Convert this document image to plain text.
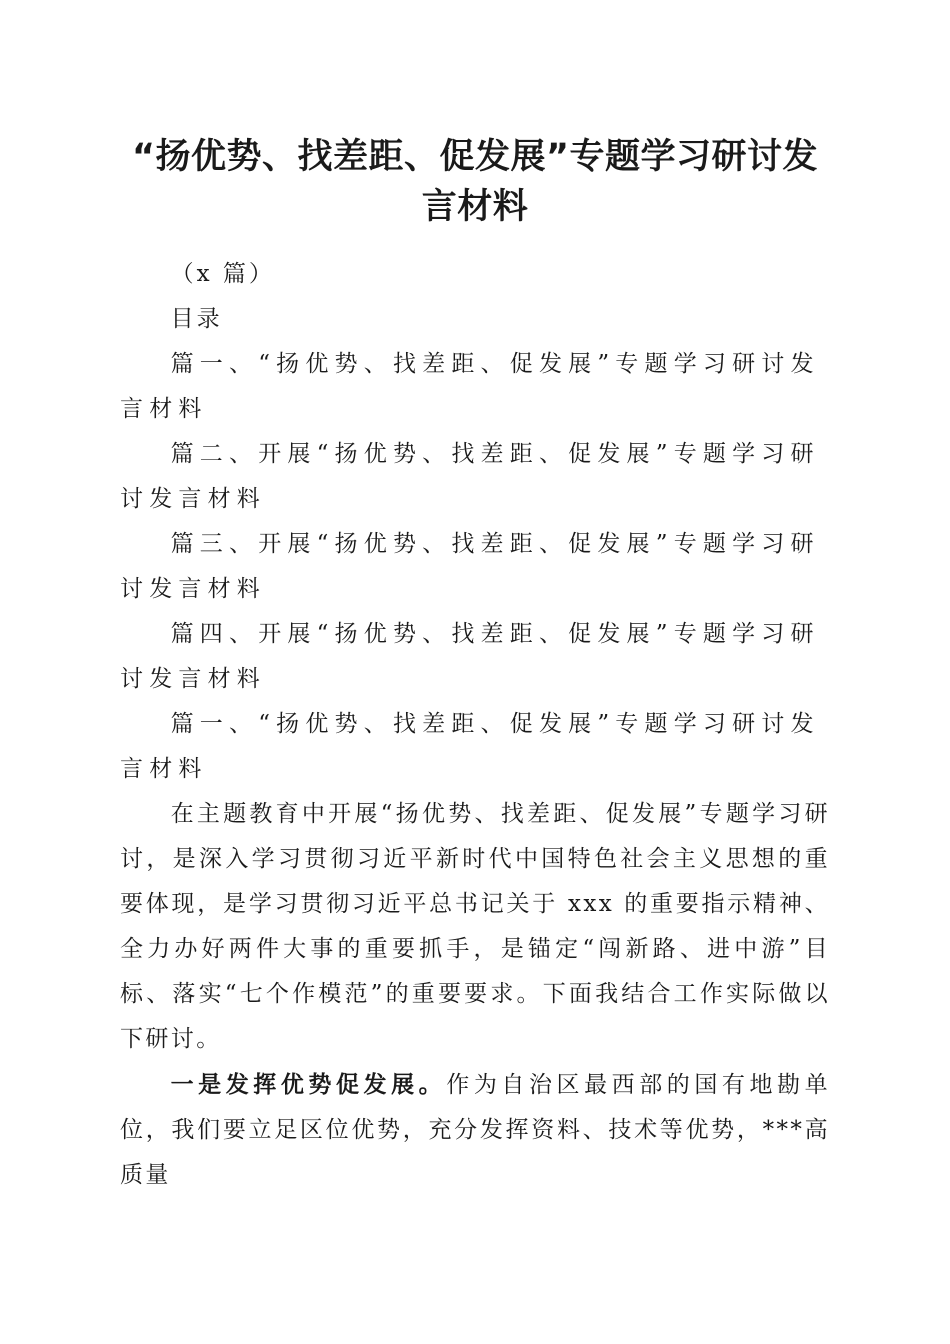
“扬优势、找差距、促发展”专题学习研讨发
言材料

（x 篇）

目录

篇一、“扬优势、找差距、促发展”专题学习研讨发言材料

篇二、开展“扬优势、找差距、促发展”专题学习研讨发言材料

篇三、开展“扬优势、找差距、促发展”专题学习研讨发言材料

篇四、开展“扬优势、找差距、促发展”专题学习研讨发言材料

篇一、“扬优势、找差距、促发展”专题学习研讨发言材料

在主题教育中开展“扬优势、找差距、促发展”专题学习研讨，是深入学习贯彻习近平新时代中国特色社会主义思想的重要体现，是学习贯彻习近平总书记关于 xxx 的重要指示精神、全力办好两件大事的重要抓手，是锚定“闯新路、进中游”目标、落实“七个作模范”的重要要求。下面我结合工作实际做以下研讨。

一是发挥优势促发展。作为自治区最西部的国有地勘单位，我们要立足区位优势，充分发挥资料、技术等优势，***高质量
